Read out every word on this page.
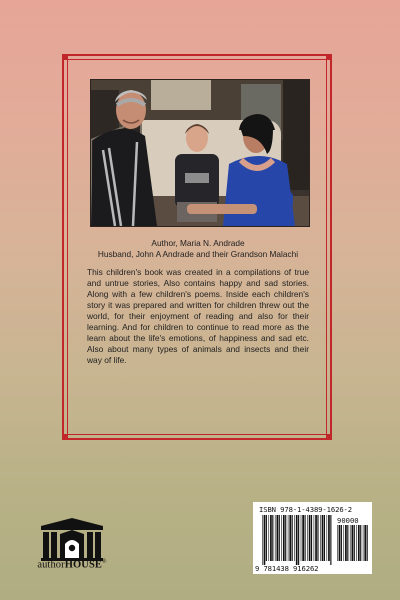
Author, Maria N. Andrade
Husband, John A Andrade and their Grandson Malachi

This children's book was created in a compilations of true and untrue stories, Also contains happy and sad stories. Along with a few children's poems. Inside each children's story it was prepared and written for children threw out the world, for their enjoyment of reading and also for their learning. And for children to continue to read more as the learn about the life's emotions, of happiness and sad etc. Also about many types of animals and insects and their way of life.

authorHOUSE®
ISBN 978-1-4389-1626-2
90000
9 781438 916262
